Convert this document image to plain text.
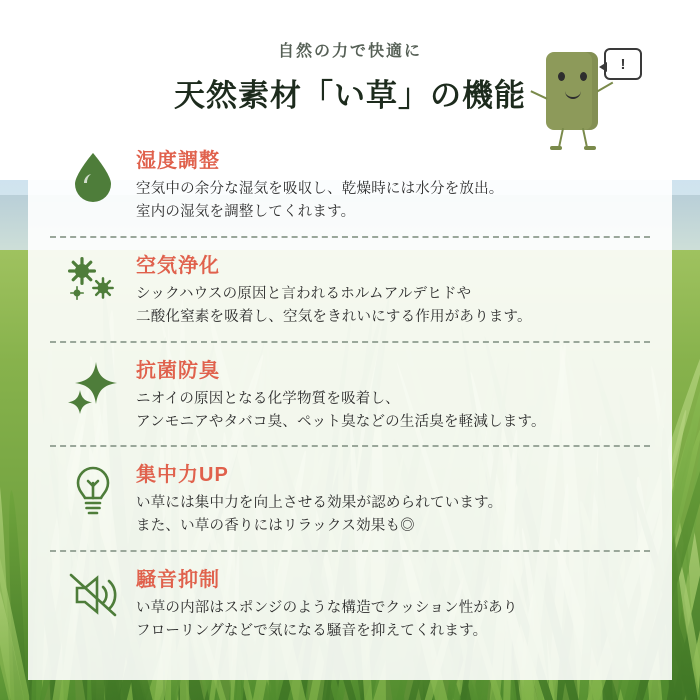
自然の力で快適に
天然素材「い草」の機能
!
湿度調整
空気中の余分な湿気を吸収し、乾燥時には水分を放出。
室内の湿気を調整してくれます。
空気浄化
シックハウスの原因と言われるホルムアルデヒドや
二酸化窒素を吸着し、空気をきれいにする作用があります。
抗菌防臭
ニオイの原因となる化学物質を吸着し、
アンモニアやタバコ臭、ペット臭などの生活臭を軽減します。
集中力UP
い草には集中力を向上させる効果が認められています。
また、い草の香りにはリラックス効果も◎
騒音抑制
い草の内部はスポンジのような構造でクッション性があり
フローリングなどで気になる騒音を抑えてくれます。
